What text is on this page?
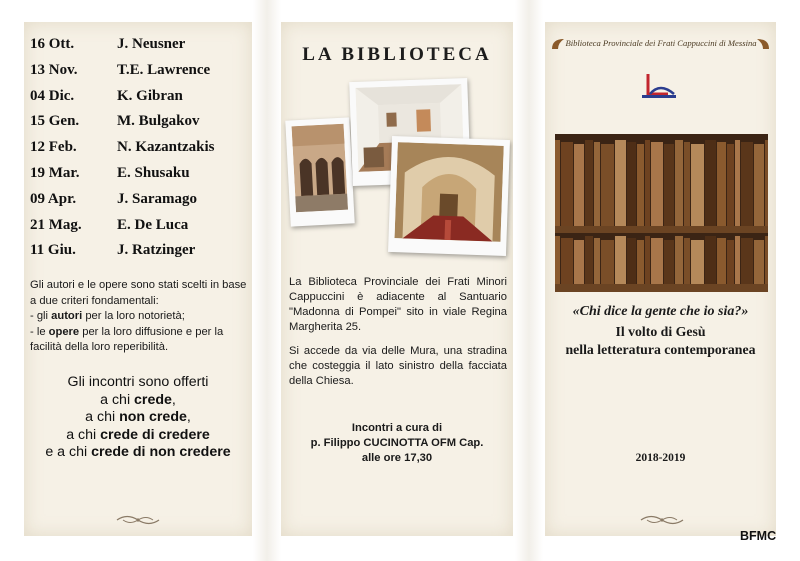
16 Ott.	J. Neusner
13 Nov.	T.E. Lawrence
04 Dic.	K. Gibran
15 Gen.	M. Bulgakov
12 Feb.	N. Kazantzakis
19 Mar.	E. Shusaku
09 Apr.	J. Saramago
21 Mag. E. De Luca
11 Giu.	J. Ratzinger

Gli autori e le opere sono stati scelti in base a due criteri fondamentali:

- gli autori per la loro notorietà;

- le opere per la loro diffusione e per la facilità della loro reperibilità.

Gli incontri sono offerti
a chi crede,
a chi non crede,
a chi crede di credere
e a chi crede di non credere
LA BIBLIOTECA

La Biblioteca Provinciale dei Frati Minori Cappuccini è adiacente al Santuario "Madonna di Pompei" sito in viale Regina Margherita 25.

Si accede da via delle Mura, una stradina che costeggia il lato sinistro della facciata della Chiesa.

Incontri a cura di
p. Filippo CUCINOTTA OFM Cap.
alle ore 17,30
Biblioteca Provinciale dei Frati Cappuccini di Messina
«Chi dice la gente che io sia?»
Il volto di Gesù
nella letteratura contemporanea
2018-2019
BFMC
